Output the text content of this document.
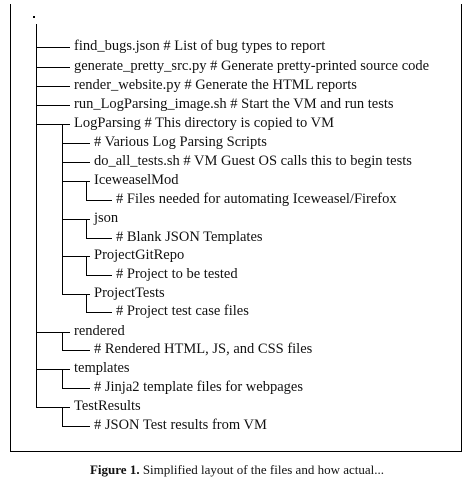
find_bugs.json # List of bug types to report
generate_pretty_src.py # Generate pretty-printed source code
render_website.py # Generate the HTML reports
run_LogParsing_image.sh # Start the VM and run tests
LogParsing # This directory is copied to VM
# Various Log Parsing Scripts
do_all_tests.sh # VM Guest OS calls this to begin tests
IceweaselMod
# Files needed for automating Iceweasel/Firefox
json
# Blank JSON Templates
ProjectGitRepo
# Project to be tested
ProjectTests
# Project test case files
rendered
# Rendered HTML, JS, and CSS files
templates
# Jinja2 template files for webpages
TestResults
# JSON Test results from VM
Figure 1. Simplified layout of the files and how actual...
